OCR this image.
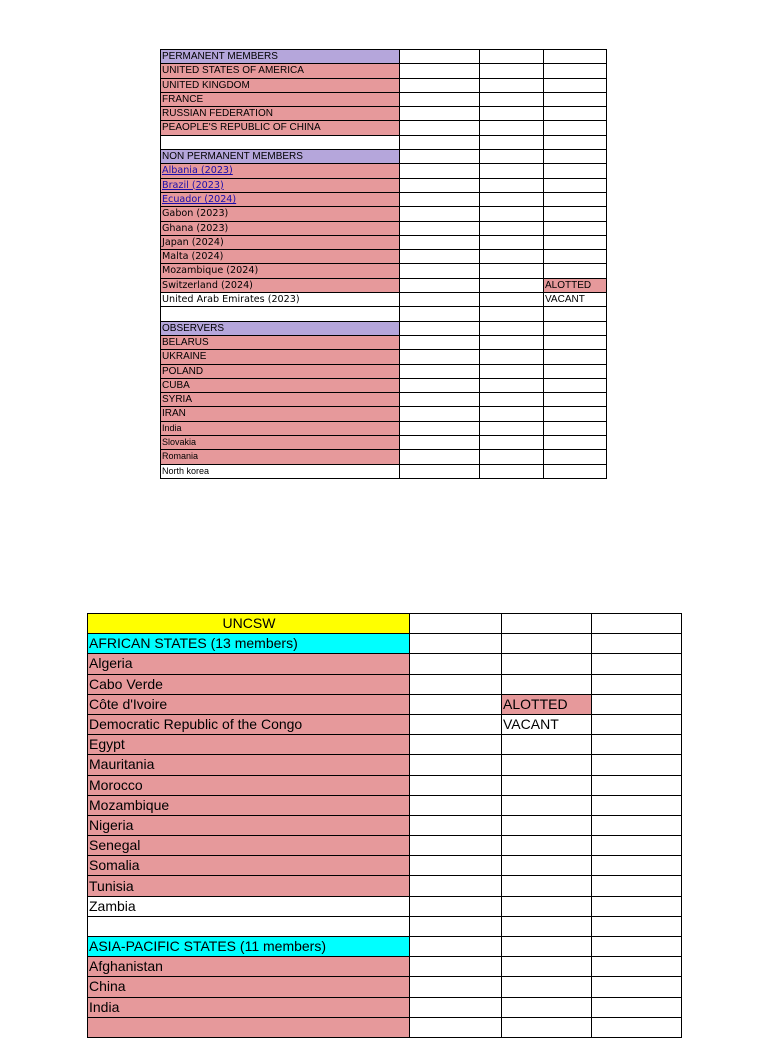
PERMANENT MEMBERS			
UNITED STATES OF AMERICA			
UNITED KINGDOM			
FRANCE			
RUSSIAN FEDERATION			
PEAOPLE'S REPUBLIC OF CHINA			

NON PERMANENT MEMBERS			
Albania (2023)			
Brazil (2023)			
Ecuador (2024)			
Gabon (2023)			
Ghana (2023)			
Japan (2024)			
Malta (2024)			
Mozambique (2024)			
Switzerland (2024)			ALOTTED
United Arab Emirates (2023)			VACANT

OBSERVERS			
BELARUS			
UKRAINE			
POLAND			
CUBA			
SYRIA			
IRAN			
India			
Slovakia			
Romania			
North korea			
UNCSW			
AFRICAN STATES (13 members)			
Algeria			
Cabo Verde			
Côte d'Ivoire		ALOTTED	
Democratic Republic of the Congo		VACANT	
Egypt			
Mauritania			
Morocco			
Mozambique			
Nigeria			
Senegal			
Somalia			
Tunisia			
Zambia			

ASIA-PACIFIC STATES (11 members)			
Afghanistan			
China			
India			
